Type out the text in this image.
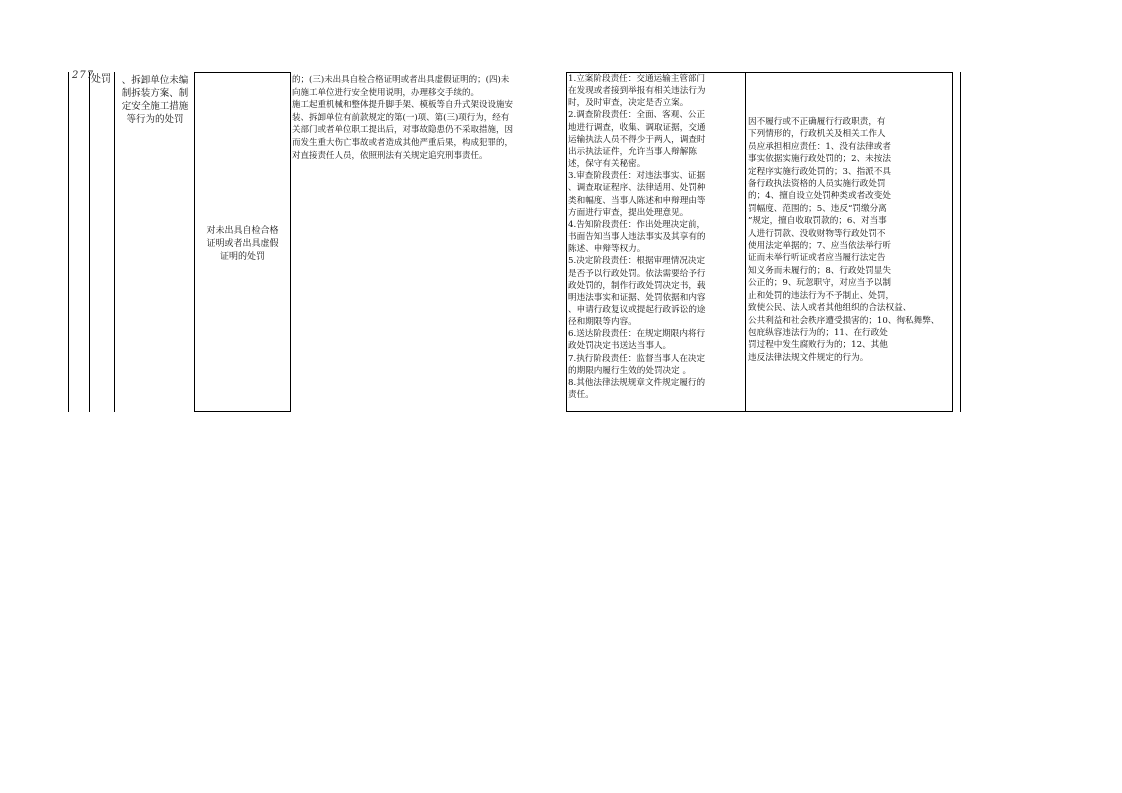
277
处罚	、拆卸单位未编
制拆装方案、制
定安全施工措施
等行为的处罚
对未出具自检合格
证明或者出具虚假
证明的处罚
的；(三)未出具自检合格证明或者出具虚假证明的；(四)未
向施工单位进行安全使用说明，办理移交手续的。
施工起重机械和整体提升脚手架、模板等自升式架设设施安
装、拆卸单位有前款规定的第(一)项、第(三)项行为，经有
关部门或者单位职工提出后，对事故隐患仍不采取措施，因
而发生重大伤亡事故或者造成其他严重后果，构成犯罪的，
对直接责任人员，依照刑法有关规定追究刑事责任。
1.立案阶段责任：交通运输主管部门
在发现或者接到举报有相关违法行为
时，及时审查，决定是否立案。
2.调查阶段责任：全面、客观、公正
地进行调查，收集、调取证据，交通
运输执法人员不得少于两人，调查时
出示执法证件，允许当事人辩解陈
述，保守有关秘密。
3.审查阶段责任：对违法事实、证据
、调查取证程序、法律适用、处罚种
类和幅度、当事人陈述和申辩理由等
方面进行审查，提出处理意见。
4.告知阶段责任：作出处理决定前，
书面告知当事人违法事实及其享有的
陈述、申辩等权力。
5.决定阶段责任：根据审理情况决定
是否予以行政处罚。依法需要给予行
政处罚的，制作行政处罚决定书，载
明违法事实和证据、处罚依据和内容
、申请行政复议或提起行政诉讼的途
径和期限等内容。
6.送达阶段责任：在规定期限内将行
政处罚决定书送达当事人。
7.执行阶段责任：监督当事人在决定
的期限内履行生效的处罚决定 。
8.其他法律法规规章文件规定履行的
责任。
因不履行或不正确履行行政职责，有
下列情形的，行政机关及相关工作人
员应承担相应责任：1、没有法律或者
事实依据实施行政处罚的；2、未按法
定程序实施行政处罚的；3、指派不具
备行政执法资格的人员实施行政处罚
的；4、擅自设立处罚种类或者改变处
罚幅度、范围的；5、违反“罚缴分离
”规定，擅自收取罚款的；6、对当事
人进行罚款、没收财物等行政处罚不
使用法定单据的；7、应当依法举行听
证而未举行听证或者应当履行法定告
知义务而未履行的；8、行政处罚显失
公正的；9、玩忽职守，对应当予以制
止和处罚的违法行为不予制止、处罚，
致使公民、法人或者其他组织的合法权益、
公共利益和社会秩序遭受损害的；10、徇私舞弊、
包庇纵容违法行为的；11、在行政处
罚过程中发生腐败行为的；12、其他
违反法律法规文件规定的行为。
